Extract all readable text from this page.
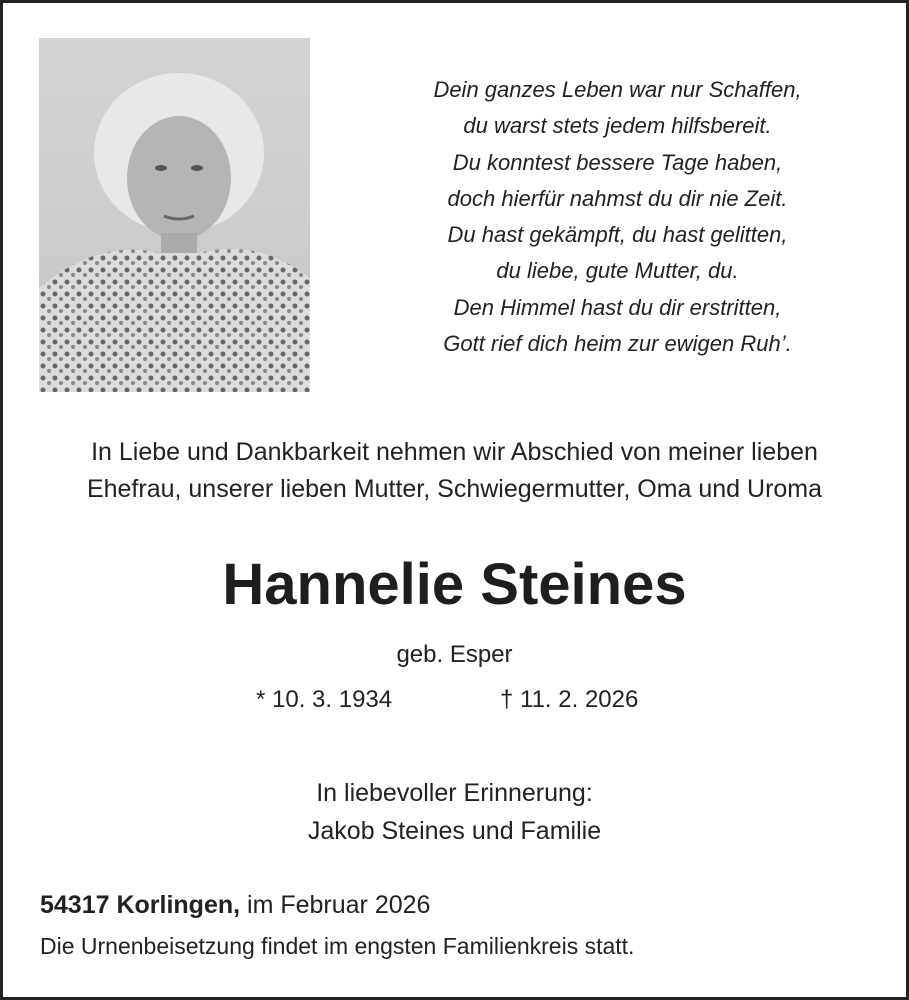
Dein ganzes Leben war nur Schaffen,
du warst stets jedem hilfsbereit.
Du konntest bessere Tage haben,
doch hierfür nahmst du dir nie Zeit.
Du hast gekämpft, du hast gelitten,
du liebe, gute Mutter, du.
Den Himmel hast du dir erstritten,
Gott rief dich heim zur ewigen Ruh’.
In Liebe und Dankbarkeit nehmen wir Abschied von meiner lieben
Ehefrau, unserer lieben Mutter, Schwiegermutter, Oma und Uroma
Hannelie Steines
geb. Esper
* 10. 3. 1934	† 11. 2. 2026
In liebevoller Erinnerung:
Jakob Steines und Familie
54317 Korlingen, im Februar 2026
Die Urnenbeisetzung findet im engsten Familienkreis statt.
